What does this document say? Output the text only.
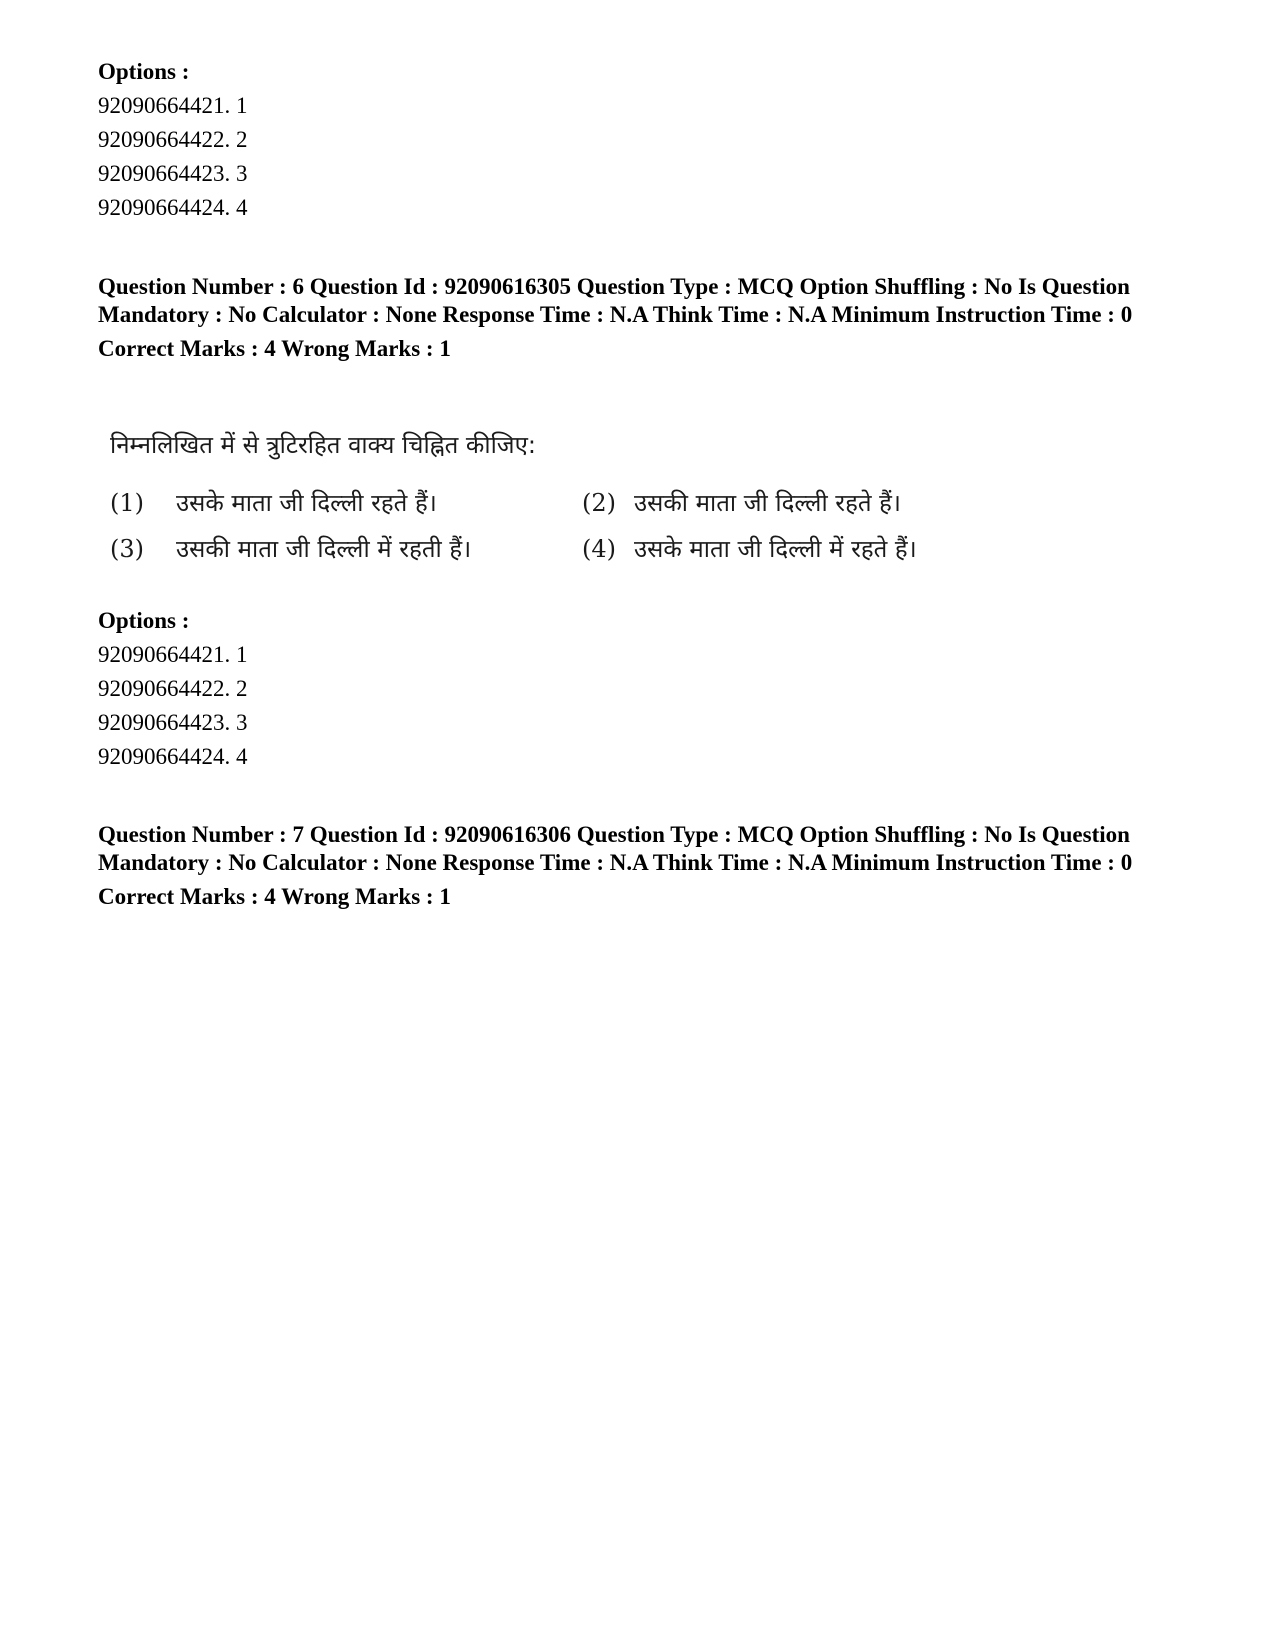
Options :
92090664421. 1
92090664422. 2
92090664423. 3
92090664424. 4
Question Number : 6 Question Id : 92090616305 Question Type : MCQ Option Shuffling : No Is Question Mandatory : No Calculator : None Response Time : N.A Think Time : N.A Minimum Instruction Time : 0
Correct Marks : 4 Wrong Marks : 1
निम्नलिखित में से त्रुटिरहित वाक्य चिह्नित कीजिए:
(1) उसके माता जी दिल्ली रहते हैं।	(2) उसकी माता जी दिल्ली रहते हैं।
(3) उसकी माता जी दिल्ली में रहती हैं।	(4) उसके माता जी दिल्ली में रहते हैं।
Options :
92090664421. 1
92090664422. 2
92090664423. 3
92090664424. 4
Question Number : 7 Question Id : 92090616306 Question Type : MCQ Option Shuffling : No Is Question Mandatory : No Calculator : None Response Time : N.A Think Time : N.A Minimum Instruction Time : 0
Correct Marks : 4 Wrong Marks : 1
